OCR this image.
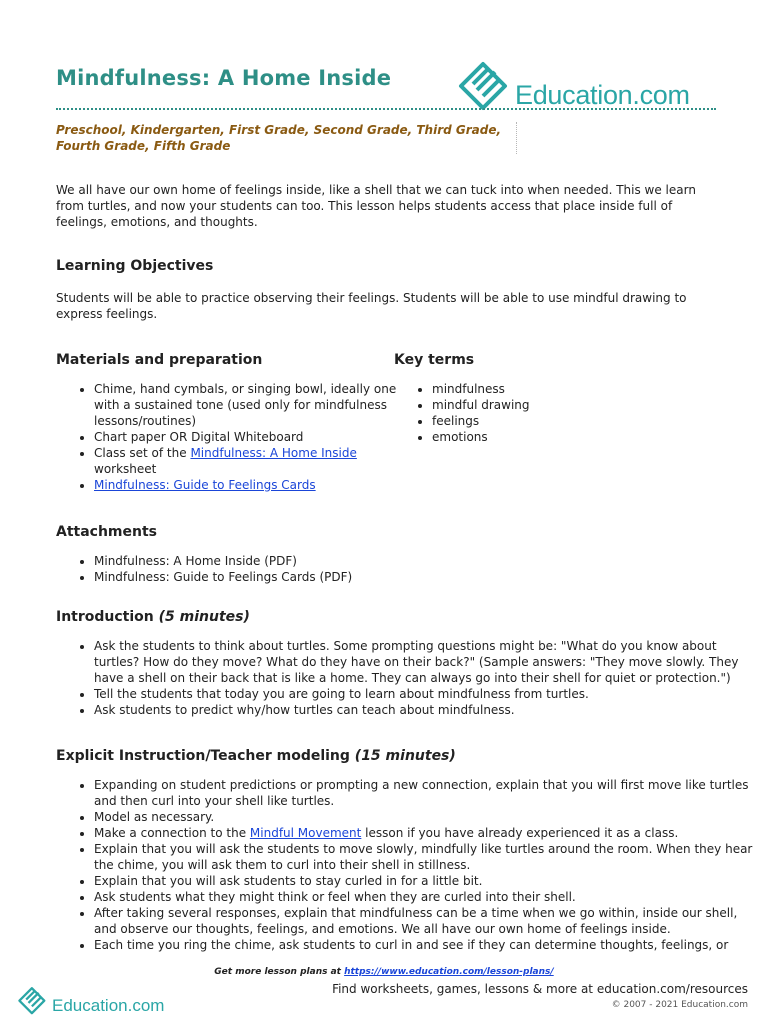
Mindfulness: A Home Inside
Education.com
Preschool, Kindergarten, First Grade, Second Grade, Third Grade,
Fourth Grade, Fifth Grade

We all have our own home of feelings inside, like a shell that we can tuck into when needed. This we learn from turtles, and now your students can too. This lesson helps students access that place inside full of feelings, emotions, and thoughts.

Learning Objectives

Students will be able to practice observing their feelings. Students will be able to use mindful drawing to express feelings.

Materials and preparation
• Chime, hand cymbals, or singing bowl, ideally one with a sustained tone (used only for mindfulness lessons/routines)
• Chart paper OR Digital Whiteboard
• Class set of the Mindfulness: A Home Inside worksheet
• Mindfulness: Guide to Feelings Cards
Key terms
• mindfulness
• mindful drawing
• feelings
• emotions
Attachments
• Mindfulness: A Home Inside (PDF)
• Mindfulness: Guide to Feelings Cards (PDF)
Introduction (5 minutes)
• Ask the students to think about turtles. Some prompting questions might be: "What do you know about turtles? How do they move? What do they have on their back?" (Sample answers: "They move slowly. They have a shell on their back that is like a home. They can always go into their shell for quiet or protection.")
• Tell the students that today you are going to learn about mindfulness from turtles.
• Ask students to predict why/how turtles can teach about mindfulness.
Explicit Instruction/Teacher modeling (15 minutes)
• Expanding on student predictions or prompting a new connection, explain that you will first move like turtles and then curl into your shell like turtles.
• Model as necessary.
• Make a connection to the Mindful Movement lesson if you have already experienced it as a class.
• Explain that you will ask the students to move slowly, mindfully like turtles around the room. When they hear the chime, you will ask them to curl into their shell in stillness.
• Explain that you will ask students to stay curled in for a little bit.
• Ask students what they might think or feel when they are curled into their shell.
• After taking several responses, explain that mindfulness can be a time when we go within, inside our shell, and observe our thoughts, feelings, and emotions. We all have our own home of feelings inside.
• Each time you ring the chime, ask students to curl in and see if they can determine thoughts, feelings, or
Get more lesson plans at https://www.education.com/lesson-plans/
Education.com
Find worksheets, games, lessons & more at education.com/resources
© 2007 - 2021 Education.com
